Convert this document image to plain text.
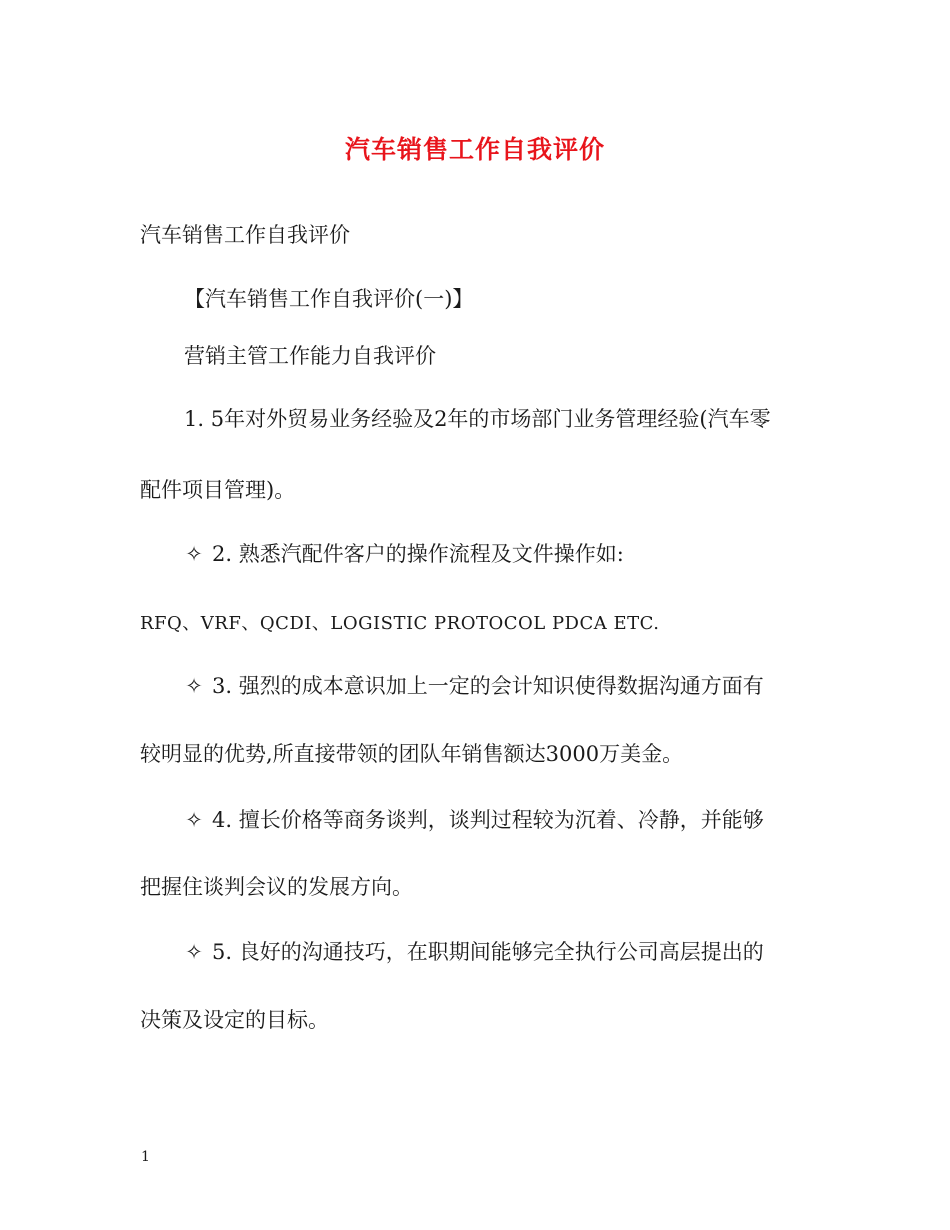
汽车销售工作自我评价
汽车销售工作自我评价
【汽车销售工作自我评价(一)】
营销主管工作能力自我评价
1. 5年对外贸易业务经验及2年的市场部门业务管理经验(汽车零
配件项目管理)。
✧ 2. 熟悉汽配件客户的操作流程及文件操作如:
RFQ、VRF、QCDI、LOGISTIC PROTOCOL PDCA ETC.
✧ 3. 强烈的成本意识加上一定的会计知识使得数据沟通方面有
较明显的优势,所直接带领的团队年销售额达3000万美金。
✧ 4. 擅长价格等商务谈判，谈判过程较为沉着、冷静，并能够
把握住谈判会议的发展方向。
✧ 5. 良好的沟通技巧，在职期间能够完全执行公司高层提出的
决策及设定的目标。
1
